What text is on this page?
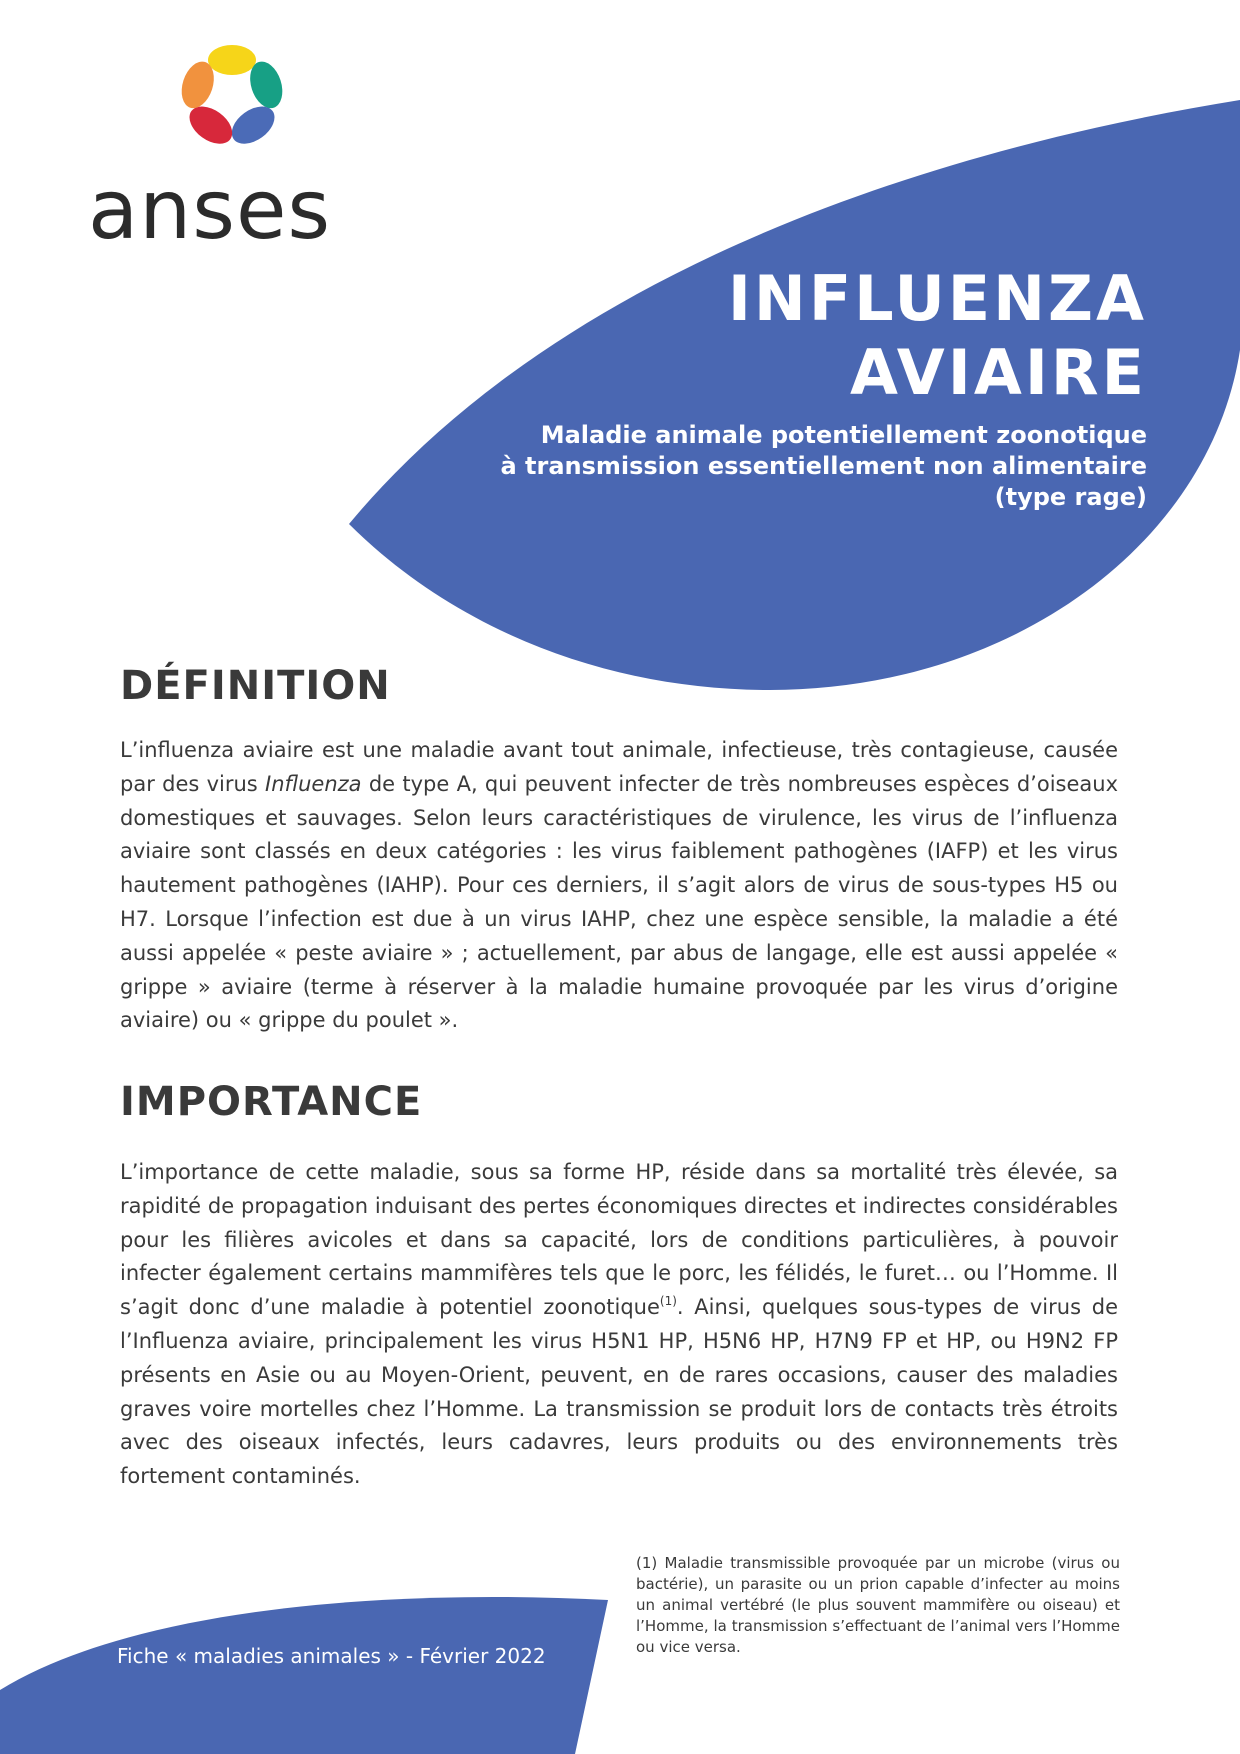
anses
INFLUENZA
AVIAIRE
Maladie animale potentiellement zoonotique
à transmission essentiellement non alimentaire
(type rage)
DÉFINITION

L’influenza aviaire est une maladie avant tout animale, infectieuse, très contagieuse, causée par des virus Influenza de type A, qui peuvent infecter de très nombreuses espèces d’oiseaux domestiques et sauvages. Selon leurs caractéristiques de virulence, les virus de l’influenza aviaire sont classés en deux catégories : les virus faiblement pathogènes (IAFP) et les virus hautement pathogènes (IAHP). Pour ces derniers, il s’agit alors de virus de sous-types H5 ou H7. Lorsque l’infection est due à un virus IAHP, chez une espèce sensible, la maladie a été aussi appelée « peste aviaire » ; actuellement, par abus de langage, elle est aussi appelée « grippe » aviaire (terme à réserver à la maladie humaine provoquée par les virus d’origine aviaire) ou « grippe du poulet ».

IMPORTANCE

L’importance de cette maladie, sous sa forme HP, réside dans sa mortalité très élevée, sa rapidité de propagation induisant des pertes économiques directes et indirectes considérables pour les filières avicoles et dans sa capacité, lors de conditions particulières, à pouvoir infecter également certains mammifères tels que le porc, les félidés, le furet… ou l’Homme. Il s’agit donc d’une maladie à potentiel zoonotique$^{(1)}$. Ainsi, quelques sous-types de virus de l’Influenza aviaire, principalement les virus H5N1 HP, H5N6 HP, H7N9 FP et HP, ou H9N2 FP présents en Asie ou au Moyen-Orient, peuvent, en de rares occasions, causer des maladies graves voire mortelles chez l’Homme. La transmission se produit lors de contacts très étroits avec des oiseaux infectés, leurs cadavres, leurs produits ou des environnements très fortement contaminés.

(1) Maladie transmissible provoquée par un microbe (virus ou bactérie), un parasite ou un prion capable d’infecter au moins un animal vertébré (le plus souvent mammifère ou oiseau) et l’Homme, la transmission s’effectuant de l’animal vers l’Homme ou vice versa.

Fiche « maladies animales » - Février 2022
